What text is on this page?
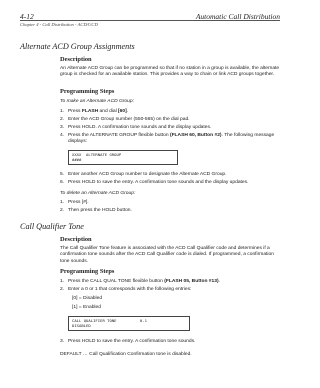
4-12	Automatic Call Distribution
Chapter 4 - Call Distribution - ACD/UCD
Alternate ACD Group Assignments
Description
An Alternate ACD Group can be programmed so that if no station in a group is available, the alternate group is checked for an available station. This provides a way to chain or link ACD groups together.
Programming Steps
To make an Alternate ACD Group:
1. Press FLASH and dial [60].
2. Enter the ACD Group number (550-565) on the dial pad.
3. Press HOLD. A confirmation tone sounds and the display updates.
4. Press the ALTERNATE GROUP flexible button (FLASH 60, Button #2). The following message displays:
XXXX  ALTERNATE GROUP
####
5. Enter another ACD Group number to designate the Alternate ACD Group.
6. Press HOLD to save the entry. A confirmation tone sounds and the display updates.
To delete an Alternate ACD Group:
1. Press [#].
2. Then press the HOLD button.
Call Qualifier Tone
Description
The Call Qualifier Tone feature is associated with the ACD Call Qualifier code and determines if a confirmation tone sounds after the ACD Call Qualifier code is dialed. If programmed, a confirmation tone sounds.
Programming Steps
1. Press the CALL QUAL TONE flexible button (FLASH 05, Button #13).
2. Enter a 0 or 1 that corresponds with the following entries:
[0] = Disabled
[1] = Enabled
CALL QUALIFIER TONE          0-1
DISABLED
3. Press HOLD to save the entry. A confirmation tone sounds.
DEFAULT … Call Qualification Confirmation tone is disabled.
